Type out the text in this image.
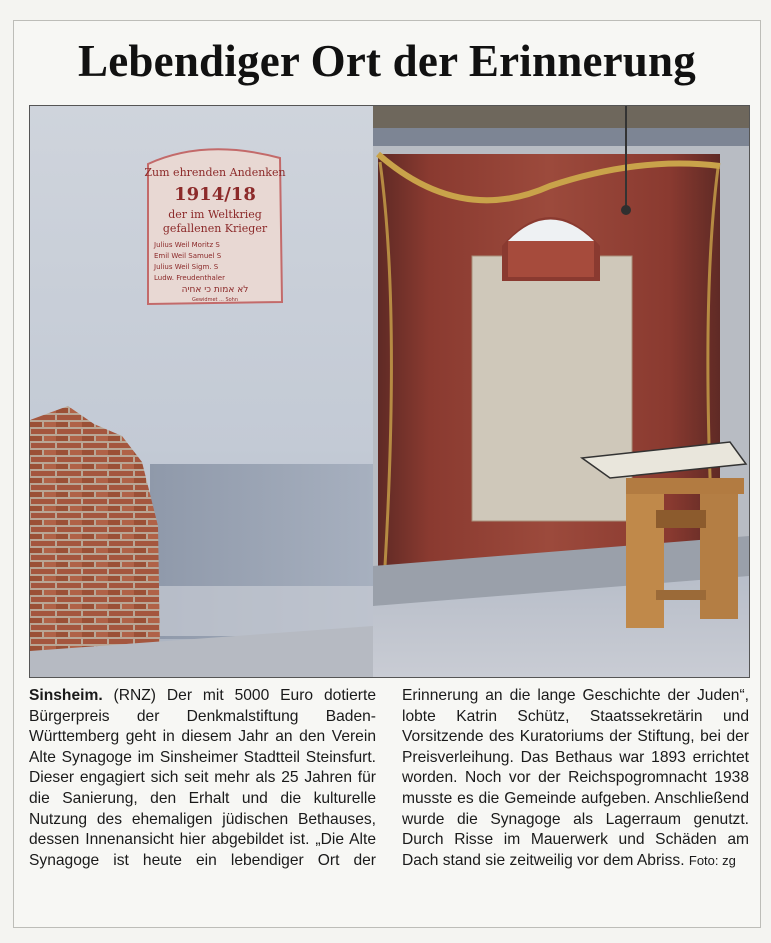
Lebendiger Ort der Erinnerung
Zum ehrenden Andenken
1914/18
der im Weltkrieg
gefallenen Krieger
Julius Weil Moritz S
Emil Weil Samuel S
Julius Weil Sigm. S
Ludw. Freudenthaler
לא אמות כי אחיה
Gewidmet ... Sohn

Sinsheim. (RNZ) Der mit 5000 Euro dotierte Bürgerpreis der Denkmalstiftung Baden-Württemberg geht in diesem Jahr an den Verein Alte Synagoge im Sinsheimer Stadtteil Steinsfurt. Dieser engagiert sich seit mehr als 25 Jahren für die Sanierung, den Erhalt und die kulturelle Nutzung des ehemaligen jüdischen Bethauses, dessen Innenansicht hier abgebildet ist. „Die Alte Synagoge ist heute ein lebendiger Ort der Erinnerung an die lange Geschichte der Juden“, lobte Katrin Schütz, Staatssekretärin und Vorsitzende des Kuratoriums der Stiftung, bei der Preisverleihung. Das Bethaus war 1893 errichtet worden. Noch vor der Reichspogromnacht 1938 musste es die Gemeinde aufgeben. Anschließend wurde die Synagoge als Lagerraum genutzt. Durch Risse im Mauerwerk und Schäden am Dach stand sie zeitweilig vor dem Abriss. Foto: zg
